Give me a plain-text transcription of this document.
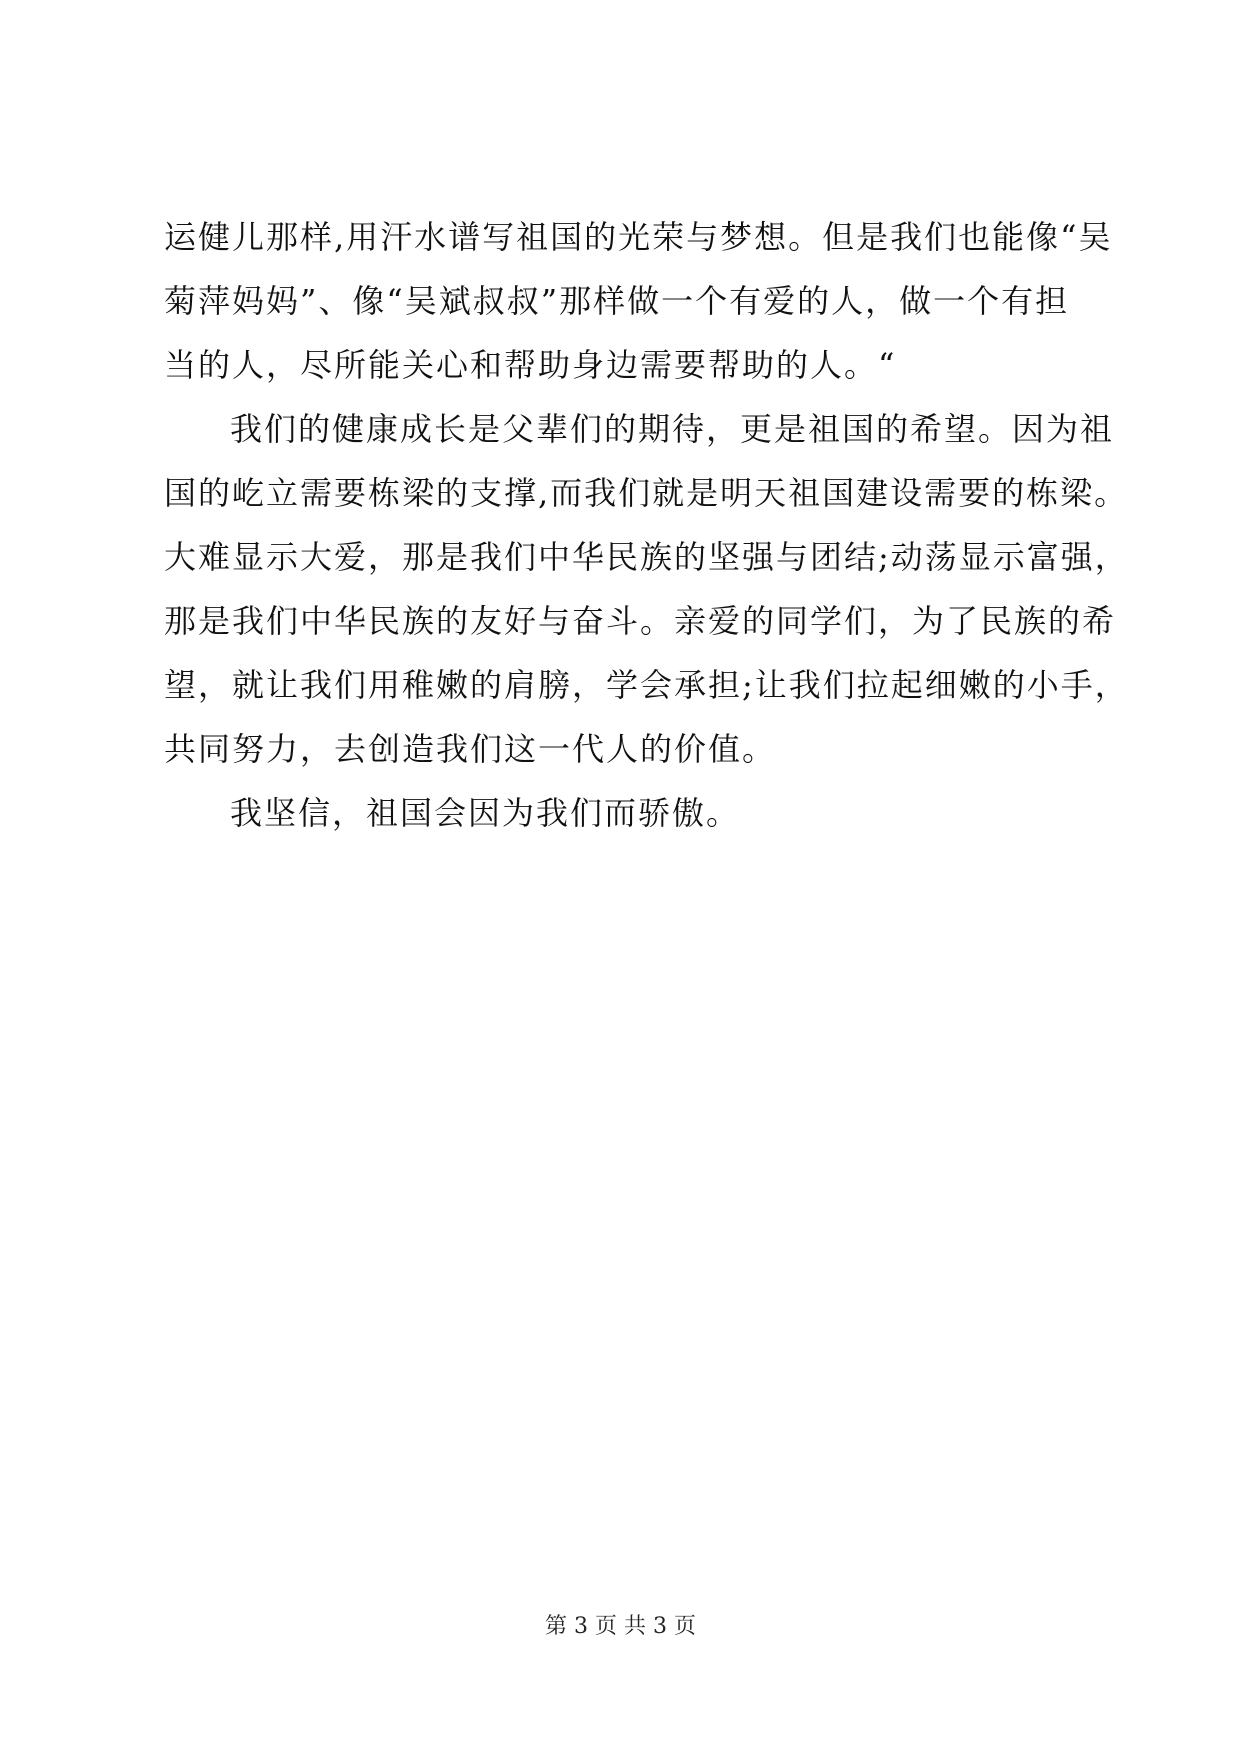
运健儿那样,用汗水谱写祖国的光荣与梦想。但是我们也能像“吴
菊萍妈妈”、像“吴斌叔叔”那样做一个有爱的人，做一个有担
当的人，尽所能关心和帮助身边需要帮助的人。“
我们的健康成长是父辈们的期待，更是祖国的希望。因为祖
国的屹立需要栋梁的支撑,而我们就是明天祖国建设需要的栋梁。
大难显示大爱，那是我们中华民族的坚强与团结;动荡显示富强，
那是我们中华民族的友好与奋斗。亲爱的同学们，为了民族的希
望，就让我们用稚嫩的肩膀，学会承担;让我们拉起细嫩的小手，
共同努力，去创造我们这一代人的价值。
我坚信，祖国会因为我们而骄傲。
第 3 页 共 3 页
